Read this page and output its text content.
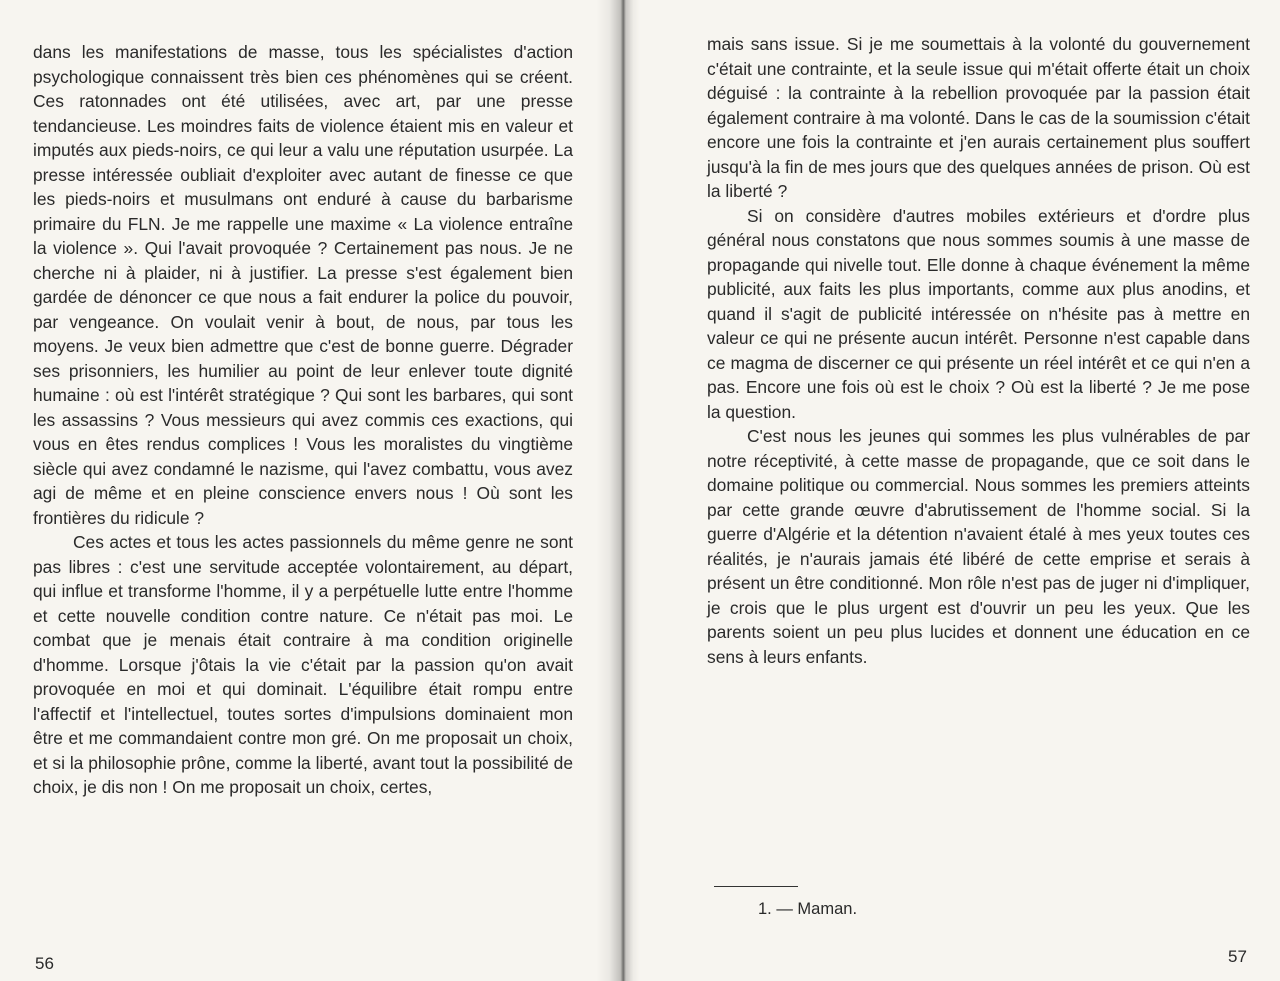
dans les manifestations de masse, tous les spécialistes d'action psychologique connaissent très bien ces phénomènes qui se créent. Ces ratonnades ont été utilisées, avec art, par une presse tendancieuse. Les moindres faits de violence étaient mis en valeur et imputés aux pieds-noirs, ce qui leur a valu une réputation usurpée. La presse intéressée oubliait d'exploiter avec autant de finesse ce que les pieds-noirs et musulmans ont enduré à cause du barbarisme primaire du FLN. Je me rappelle une maxime « La violence entraîne la violence ». Qui l'avait provoquée ? Certainement pas nous. Je ne cherche ni à plaider, ni à justifier. La presse s'est également bien gardée de dénoncer ce que nous a fait endurer la police du pouvoir, par vengeance. On voulait venir à bout, de nous, par tous les moyens. Je veux bien admettre que c'est de bonne guerre. Dégrader ses prisonniers, les humilier au point de leur enlever toute dignité humaine : où est l'intérêt stratégique ? Qui sont les barbares, qui sont les assassins ? Vous messieurs qui avez commis ces exactions, qui vous en êtes rendus complices ! Vous les moralistes du vingtième siècle qui avez condamné le nazisme, qui l'avez combattu, vous avez agi de même et en pleine conscience envers nous ! Où sont les frontières du ridicule ?

Ces actes et tous les actes passionnels du même genre ne sont pas libres : c'est une servitude acceptée volontairement, au départ, qui influe et transforme l'homme, il y a perpétuelle lutte entre l'homme et cette nouvelle condition contre nature. Ce n'était pas moi. Le combat que je menais était contraire à ma condition originelle d'homme. Lorsque j'ôtais la vie c'était par la passion qu'on avait provoquée en moi et qui dominait. L'équilibre était rompu entre l'affectif et l'intellectuel, toutes sortes d'impulsions dominaient mon être et me commandaient contre mon gré. On me proposait un choix, et si la philosophie prône, comme la liberté, avant tout la possibilité de choix, je dis non ! On me proposait un choix, certes,

56

mais sans issue. Si je me soumettais à la volonté du gouvernement c'était une contrainte, et la seule issue qui m'était offerte était un choix déguisé : la contrainte à la rebellion provoquée par la passion était également contraire à ma volonté. Dans le cas de la soumission c'était encore une fois la contrainte et j'en aurais certainement plus souffert jusqu'à la fin de mes jours que des quelques années de prison. Où est la liberté ?

Si on considère d'autres mobiles extérieurs et d'ordre plus général nous constatons que nous sommes soumis à une masse de propagande qui nivelle tout. Elle donne à chaque événement la même publicité, aux faits les plus importants, comme aux plus anodins, et quand il s'agit de publicité intéressée on n'hésite pas à mettre en valeur ce qui ne présente aucun intérêt. Personne n'est capable dans ce magma de discerner ce qui présente un réel intérêt et ce qui n'en a pas. Encore une fois où est le choix ? Où est la liberté ? Je me pose la question.

C'est nous les jeunes qui sommes les plus vulnérables de par notre réceptivité, à cette masse de propagande, que ce soit dans le domaine politique ou commercial. Nous sommes les premiers atteints par cette grande œuvre d'abrutissement de l'homme social. Si la guerre d'Algérie et la détention n'avaient étalé à mes yeux toutes ces réalités, je n'aurais jamais été libéré de cette emprise et serais à présent un être conditionné. Mon rôle n'est pas de juger ni d'impliquer, je crois que le plus urgent est d'ouvrir un peu les yeux. Que les parents soient un peu plus lucides et donnent une éducation en ce sens à leurs enfants.

1. — Maman.
57
